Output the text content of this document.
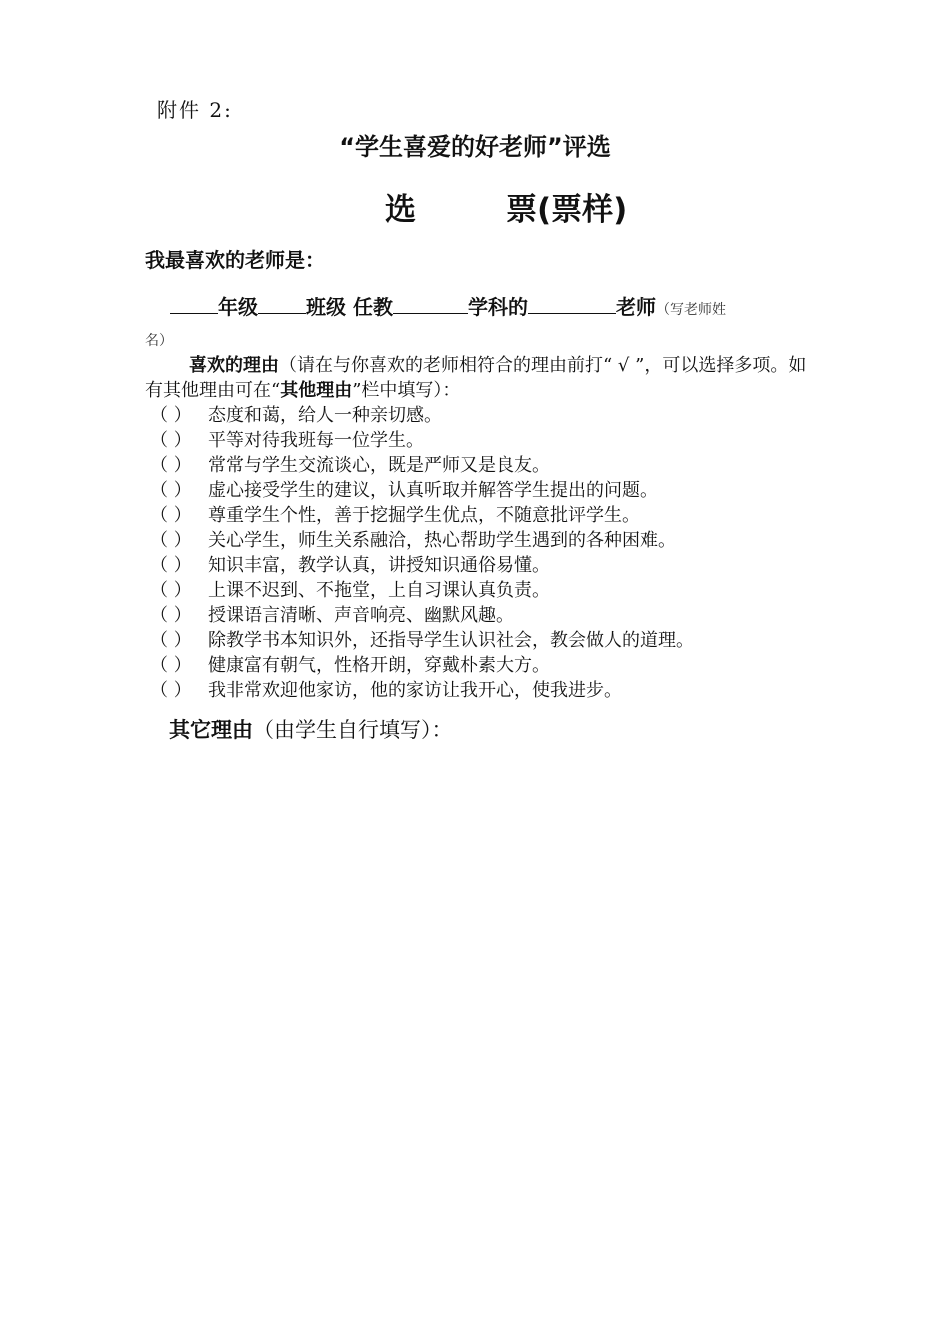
附件 2:
“学生喜爱的好老师”评选
选	票(票样)
我最喜欢的老师是：
年级 班级 任教	学科的	老师（写老师姓
名）
喜欢的理由（请在与你喜欢的老师相符合的理由前打“ √ ”，可以选择多项。如有其他理由可在“其他理由”栏中填写）：
（ ） 态度和蔼，给人一种亲切感。
（ ） 平等对待我班每一位学生。
（ ） 常常与学生交流谈心，既是严师又是良友。
（ ） 虚心接受学生的建议，认真听取并解答学生提出的问题。
（ ） 尊重学生个性，善于挖掘学生优点，不随意批评学生。
（ ） 关心学生，师生关系融洽，热心帮助学生遇到的各种困难。
（ ） 知识丰富，教学认真，讲授知识通俗易懂。
（ ） 上课不迟到、不拖堂，上自习课认真负责。
（ ） 授课语言清晰、声音响亮、幽默风趣。
（ ） 除教学书本知识外，还指导学生认识社会，教会做人的道理。
（ ） 健康富有朝气，性格开朗，穿戴朴素大方。
（ ） 我非常欢迎他家访，他的家访让我开心，使我进步。
其它理由（由学生自行填写）：
